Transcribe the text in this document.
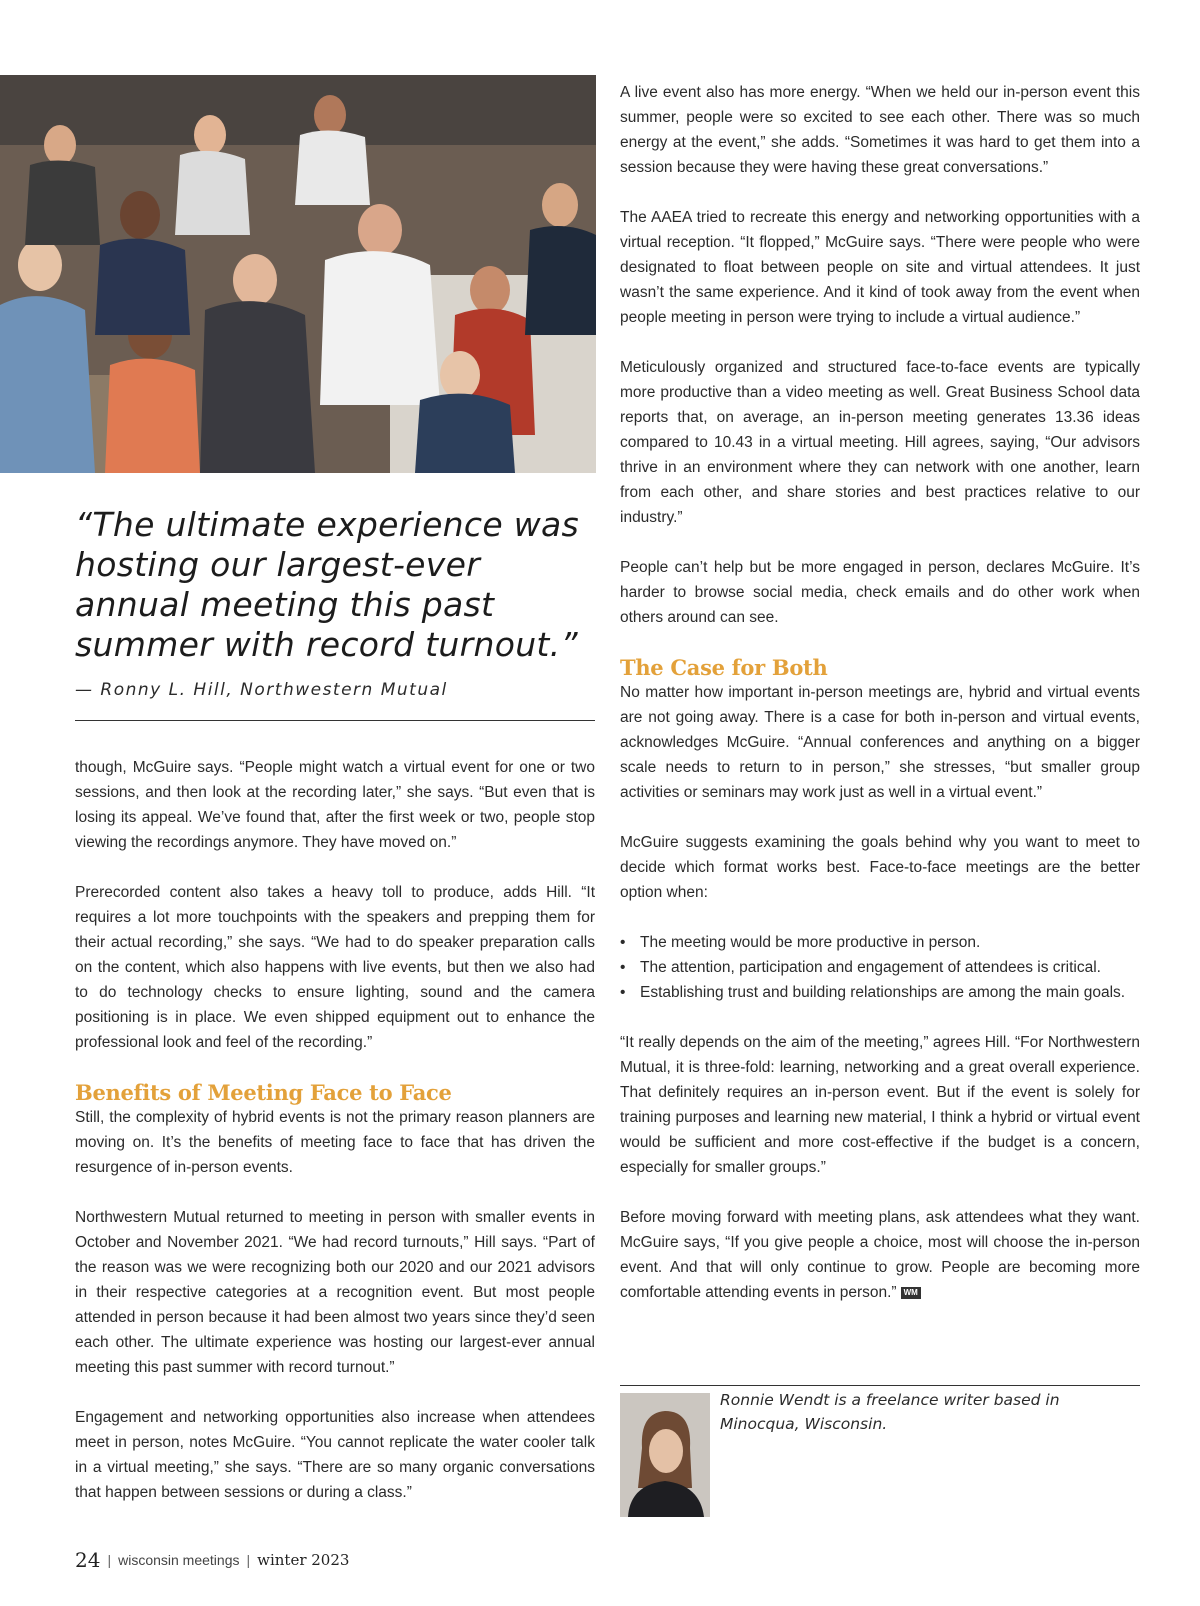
“The ultimate experience was hosting our largest-ever annual meeting this past summer with record turnout.”
— Ronny L. Hill, Northwestern Mutual

though, McGuire says. “People might watch a virtual event for one or two sessions, and then look at the recording later,” she says. “But even that is losing its appeal. We’ve found that, after the first week or two, people stop viewing the recordings anymore. They have moved on.”

Prerecorded content also takes a heavy toll to produce, adds Hill. “It requires a lot more touchpoints with the speakers and prepping them for their actual recording,” she says. “We had to do speaker preparation calls on the content, which also happens with live events, but then we also had to do technology checks to ensure lighting, sound and the camera positioning is in place. We even shipped equipment out to enhance the professional look and feel of the recording.”

Benefits of Meeting Face to Face

Still, the complexity of hybrid events is not the primary reason planners are moving on. It’s the benefits of meeting face to face that has driven the resurgence of in-person events.

Northwestern Mutual returned to meeting in person with smaller events in October and November 2021. “We had record turnouts,” Hill says. “Part of the reason was we were recognizing both our 2020 and our 2021 advisors in their respective categories at a recognition event. But most people attended in person because it had been almost two years since they’d seen each other. The ultimate experience was hosting our largest-ever annual meeting this past summer with record turnout.”

Engagement and networking opportunities also increase when attendees meet in person, notes McGuire. “You cannot replicate the water cooler talk in a virtual meeting,” she says. “There are so many organic conversations that happen between sessions or during a class.”

A live event also has more energy. “When we held our in-person event this summer, people were so excited to see each other. There was so much energy at the event,” she adds. “Sometimes it was hard to get them into a session because they were having these great conversations.”

The AAEA tried to recreate this energy and networking opportunities with a virtual reception. “It flopped,” McGuire says. “There were people who were designated to float between people on site and virtual attendees. It just wasn’t the same experience. And it kind of took away from the event when people meeting in person were trying to include a virtual audience.”

Meticulously organized and structured face-to-face events are typically more productive than a video meeting as well. Great Business School data reports that, on average, an in-person meeting generates 13.36 ideas compared to 10.43 in a virtual meeting. Hill agrees, saying, “Our advisors thrive in an environment where they can network with one another, learn from each other, and share stories and best practices relative to our industry.”

People can’t help but be more engaged in person, declares McGuire. It’s harder to browse social media, check emails and do other work when others around can see.

The Case for Both

No matter how important in-person meetings are, hybrid and virtual events are not going away. There is a case for both in-person and virtual events, acknowledges McGuire. “Annual conferences and anything on a bigger scale needs to return to in person,” she stresses, “but smaller group activities or seminars may work just as well in a virtual event.”

McGuire suggests examining the goals behind why you want to meet to decide which format works best. Face-to-face meetings are the better option when:

• The meeting would be more productive in person.
• The attention, participation and engagement of attendees is critical.
• Establishing trust and building relationships are among the main goals.

“It really depends on the aim of the meeting,” agrees Hill. “For Northwestern Mutual, it is three-fold: learning, networking and a great overall experience. That definitely requires an in-person event. But if the event is solely for training purposes and learning new material, I think a hybrid or virtual event would be sufficient and more cost-effective if the budget is a concern, especially for smaller groups.”

Before moving forward with meeting plans, ask attendees what they want. McGuire says, “If you give people a choice, most will choose the in-person event. And that will only continue to grow. People are becoming more comfortable attending events in person.” WM

Ronnie Wendt is a freelance writer based in Minocqua, Wisconsin.
24 | wisconsin meetings | winter 2023
